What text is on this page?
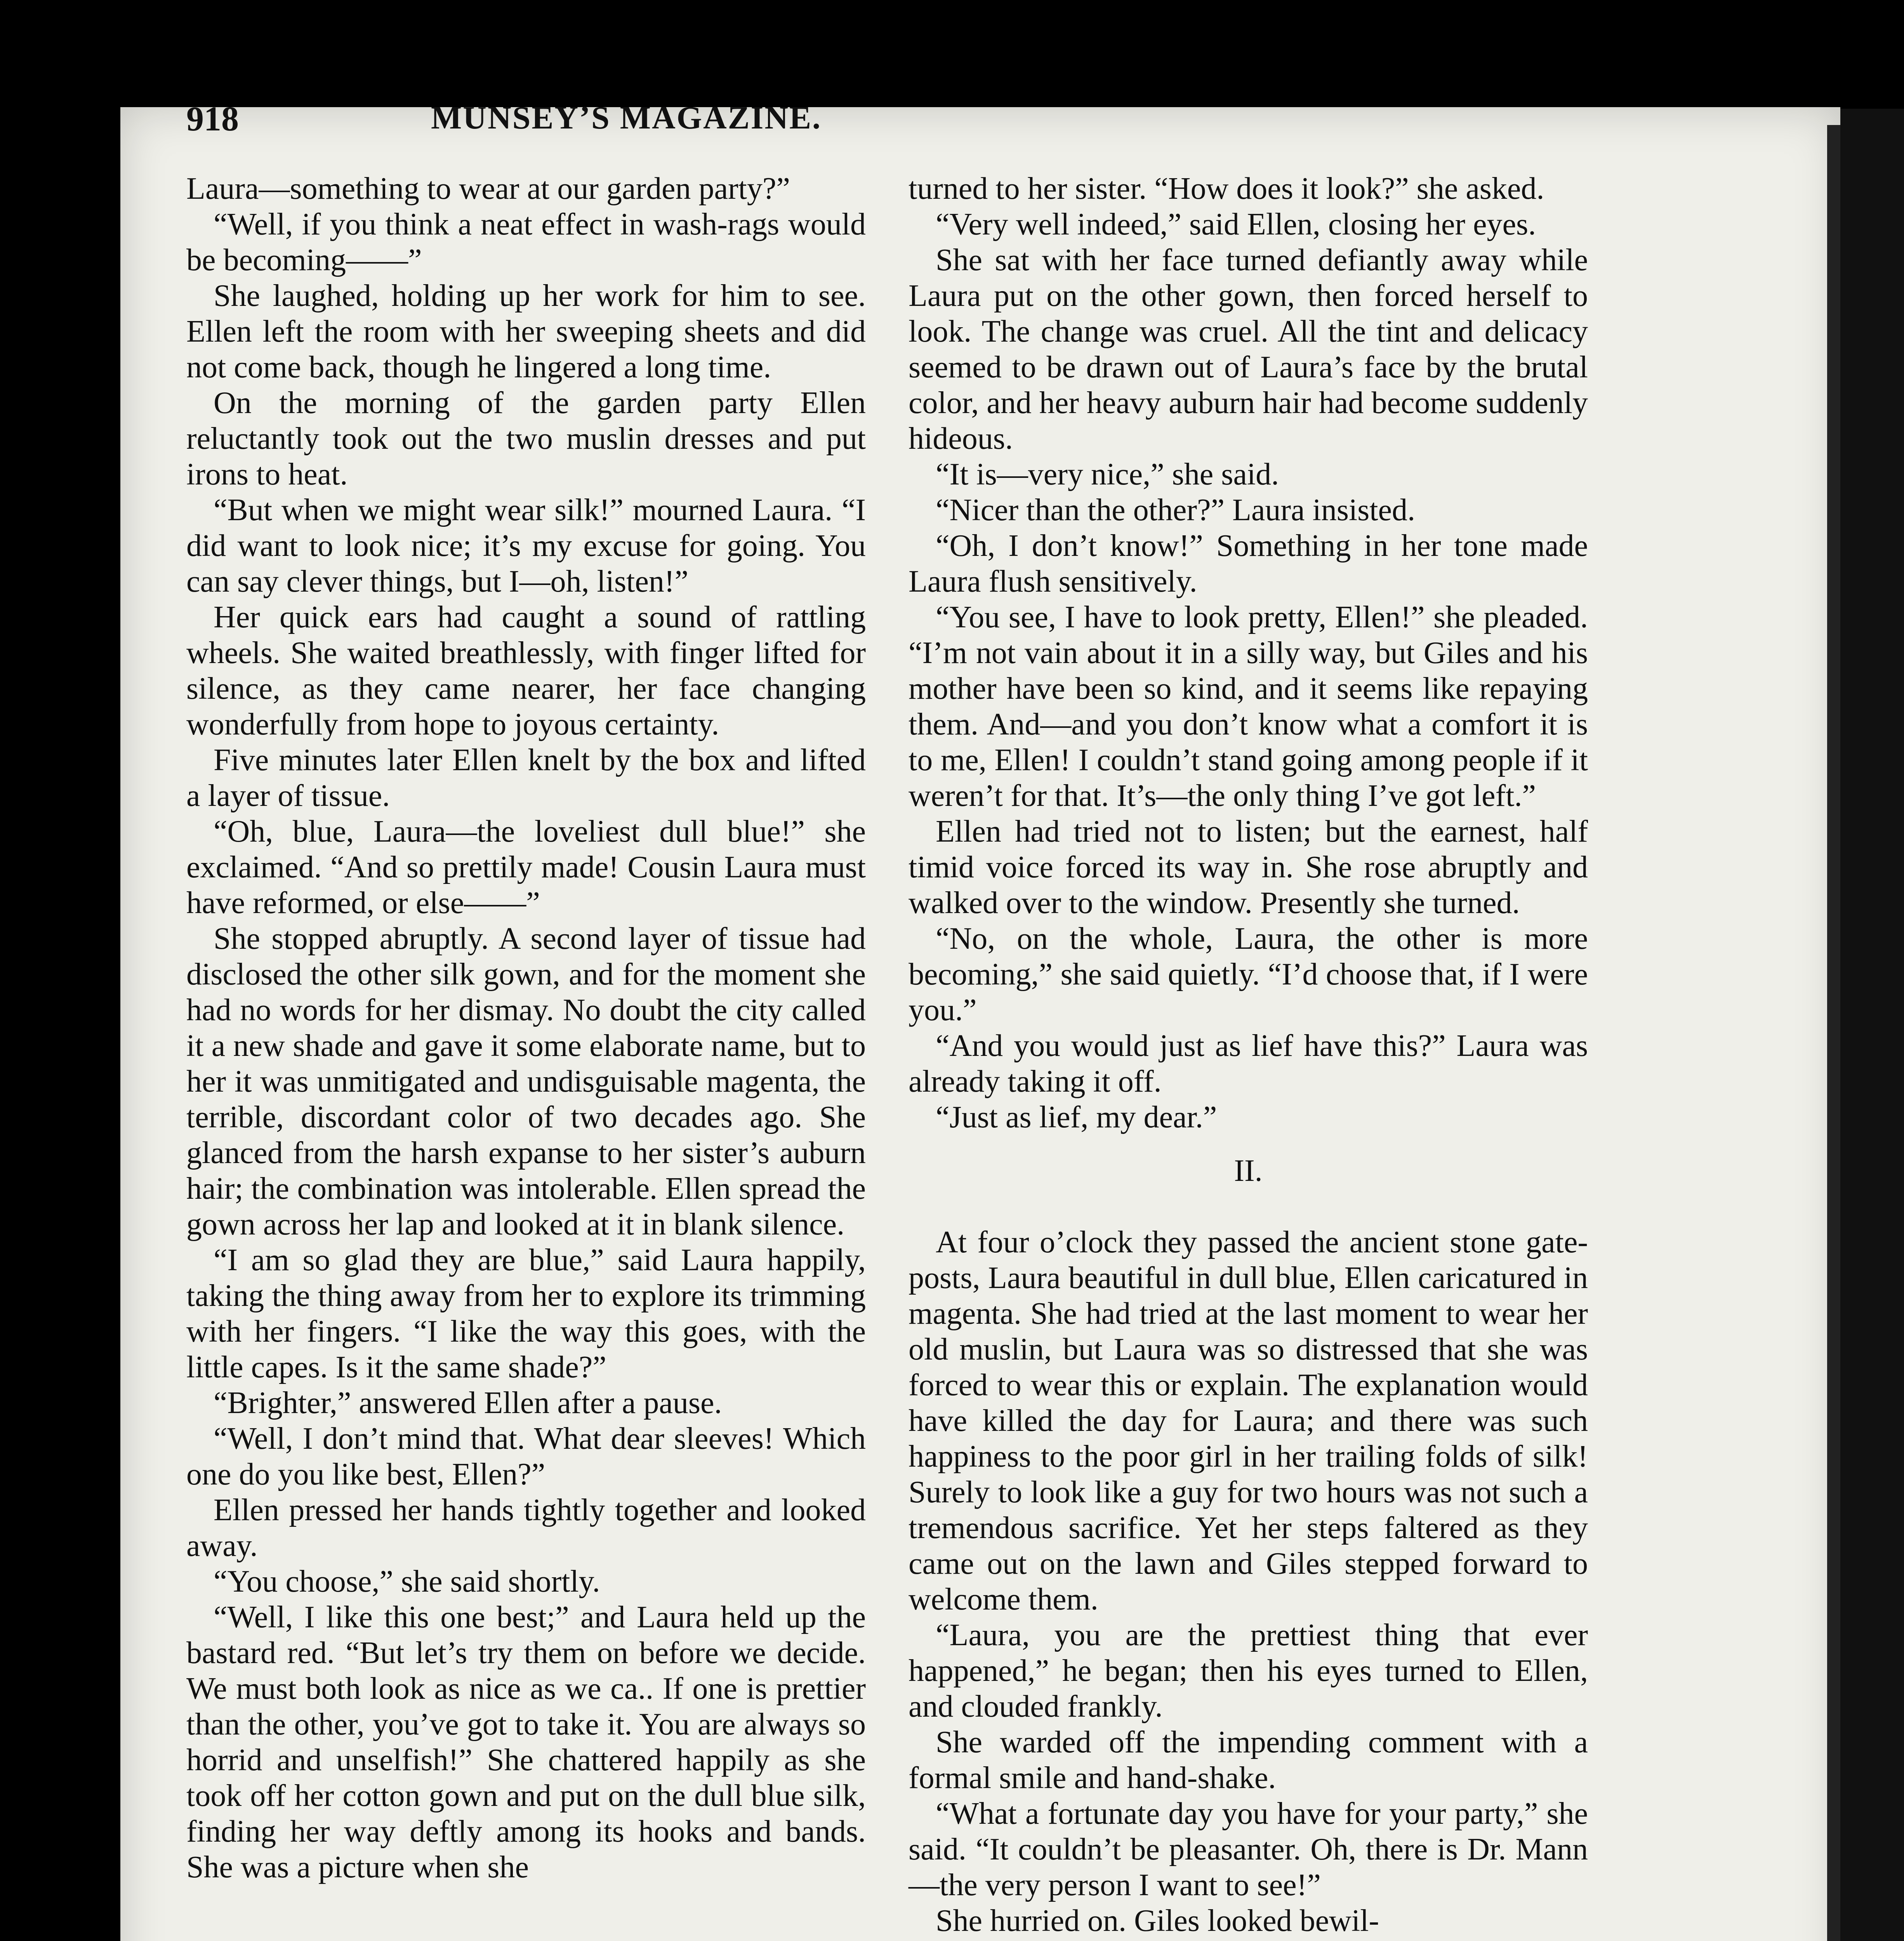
918	MUNSEY’S MAGAZINE.

Laura—something to wear at our garden party?”

“Well, if you think a neat effect in wash-rags would be becoming——”

She laughed, holding up her work for him to see. Ellen left the room with her sweeping sheets and did not come back, though he lingered a long time.

On the morning of the garden party Ellen reluctantly took out the two muslin dresses and put irons to heat.

“But when we might wear silk!” mourned Laura. “I did want to look nice; it’s my excuse for going. You can say clever things, but I—oh, listen!”

Her quick ears had caught a sound of rattling wheels. She waited breathlessly, with finger lifted for silence, as they came nearer, her face changing wonderfully from hope to joyous certainty.

Five minutes later Ellen knelt by the box and lifted a layer of tissue.

“Oh, blue, Laura—the loveliest dull blue!” she exclaimed. “And so prettily made! Cousin Laura must have reformed, or else——”

She stopped abruptly. A second layer of tissue had disclosed the other silk gown, and for the moment she had no words for her dismay. No doubt the city called it a new shade and gave it some elaborate name, but to her it was unmitigated and undisguisable magenta, the terrible, discordant color of two decades ago. She glanced from the harsh expanse to her sister’s auburn hair; the combination was intolerable. Ellen spread the gown across her lap and looked at it in blank silence.

“I am so glad they are blue,” said Laura happily, taking the thing away from her to explore its trimming with her fingers. “I like the way this goes, with the little capes. Is it the same shade?”

“Brighter,” answered Ellen after a pause.

“Well, I don’t mind that. What dear sleeves! Which one do you like best, Ellen?”

Ellen pressed her hands tightly together and looked away.

“You choose,” she said shortly.

“Well, I like this one best;” and Laura held up the bastard red. “But let’s try them on before we decide. We must both look as nice as we ca.. If one is prettier than the other, you’ve got to take it. You are always so horrid and unselfish!” She chattered happily as she took off her cotton gown and put on the dull blue silk, finding her way deftly among its hooks and bands. She was a picture when she

turned to her sister. “How does it look?” she asked.

“Very well indeed,” said Ellen, closing her eyes.

She sat with her face turned defiantly away while Laura put on the other gown, then forced herself to look. The change was cruel. All the tint and delicacy seemed to be drawn out of Laura’s face by the brutal color, and her heavy auburn hair had become suddenly hideous.

“It is—very nice,” she said.

“Nicer than the other?” Laura insisted.

“Oh, I don’t know!” Something in her tone made Laura flush sensitively.

“You see, I have to look pretty, Ellen!” she pleaded. “I’m not vain about it in a silly way, but Giles and his mother have been so kind, and it seems like repaying them. And—and you don’t know what a comfort it is to me, Ellen! I couldn’t stand going among people if it weren’t for that. It’s—the only thing I’ve got left.”

Ellen had tried not to listen; but the earnest, half timid voice forced its way in. She rose abruptly and walked over to the window. Presently she turned.

“No, on the whole, Laura, the other is more becoming,” she said quietly. “I’d choose that, if I were you.”

“And you would just as lief have this?” Laura was already taking it off.

“Just as lief, my dear.”

II.

At four o’clock they passed the ancient stone gate-posts, Laura beautiful in dull blue, Ellen caricatured in magenta. She had tried at the last moment to wear her old muslin, but Laura was so distressed that she was forced to wear this or explain. The explanation would have killed the day for Laura; and there was such happiness to the poor girl in her trailing folds of silk! Surely to look like a guy for two hours was not such a tremendous sacrifice. Yet her steps faltered as they came out on the lawn and Giles stepped forward to welcome them.

“Laura, you are the prettiest thing that ever happened,” he began; then his eyes turned to Ellen, and clouded frankly.

She warded off the impending comment with a formal smile and hand-shake.

“What a fortunate day you have for your party,” she said. “It couldn’t be pleasanter. Oh, there is Dr. Mann—the very person I want to see!”

She hurried on. Giles looked bewil-
